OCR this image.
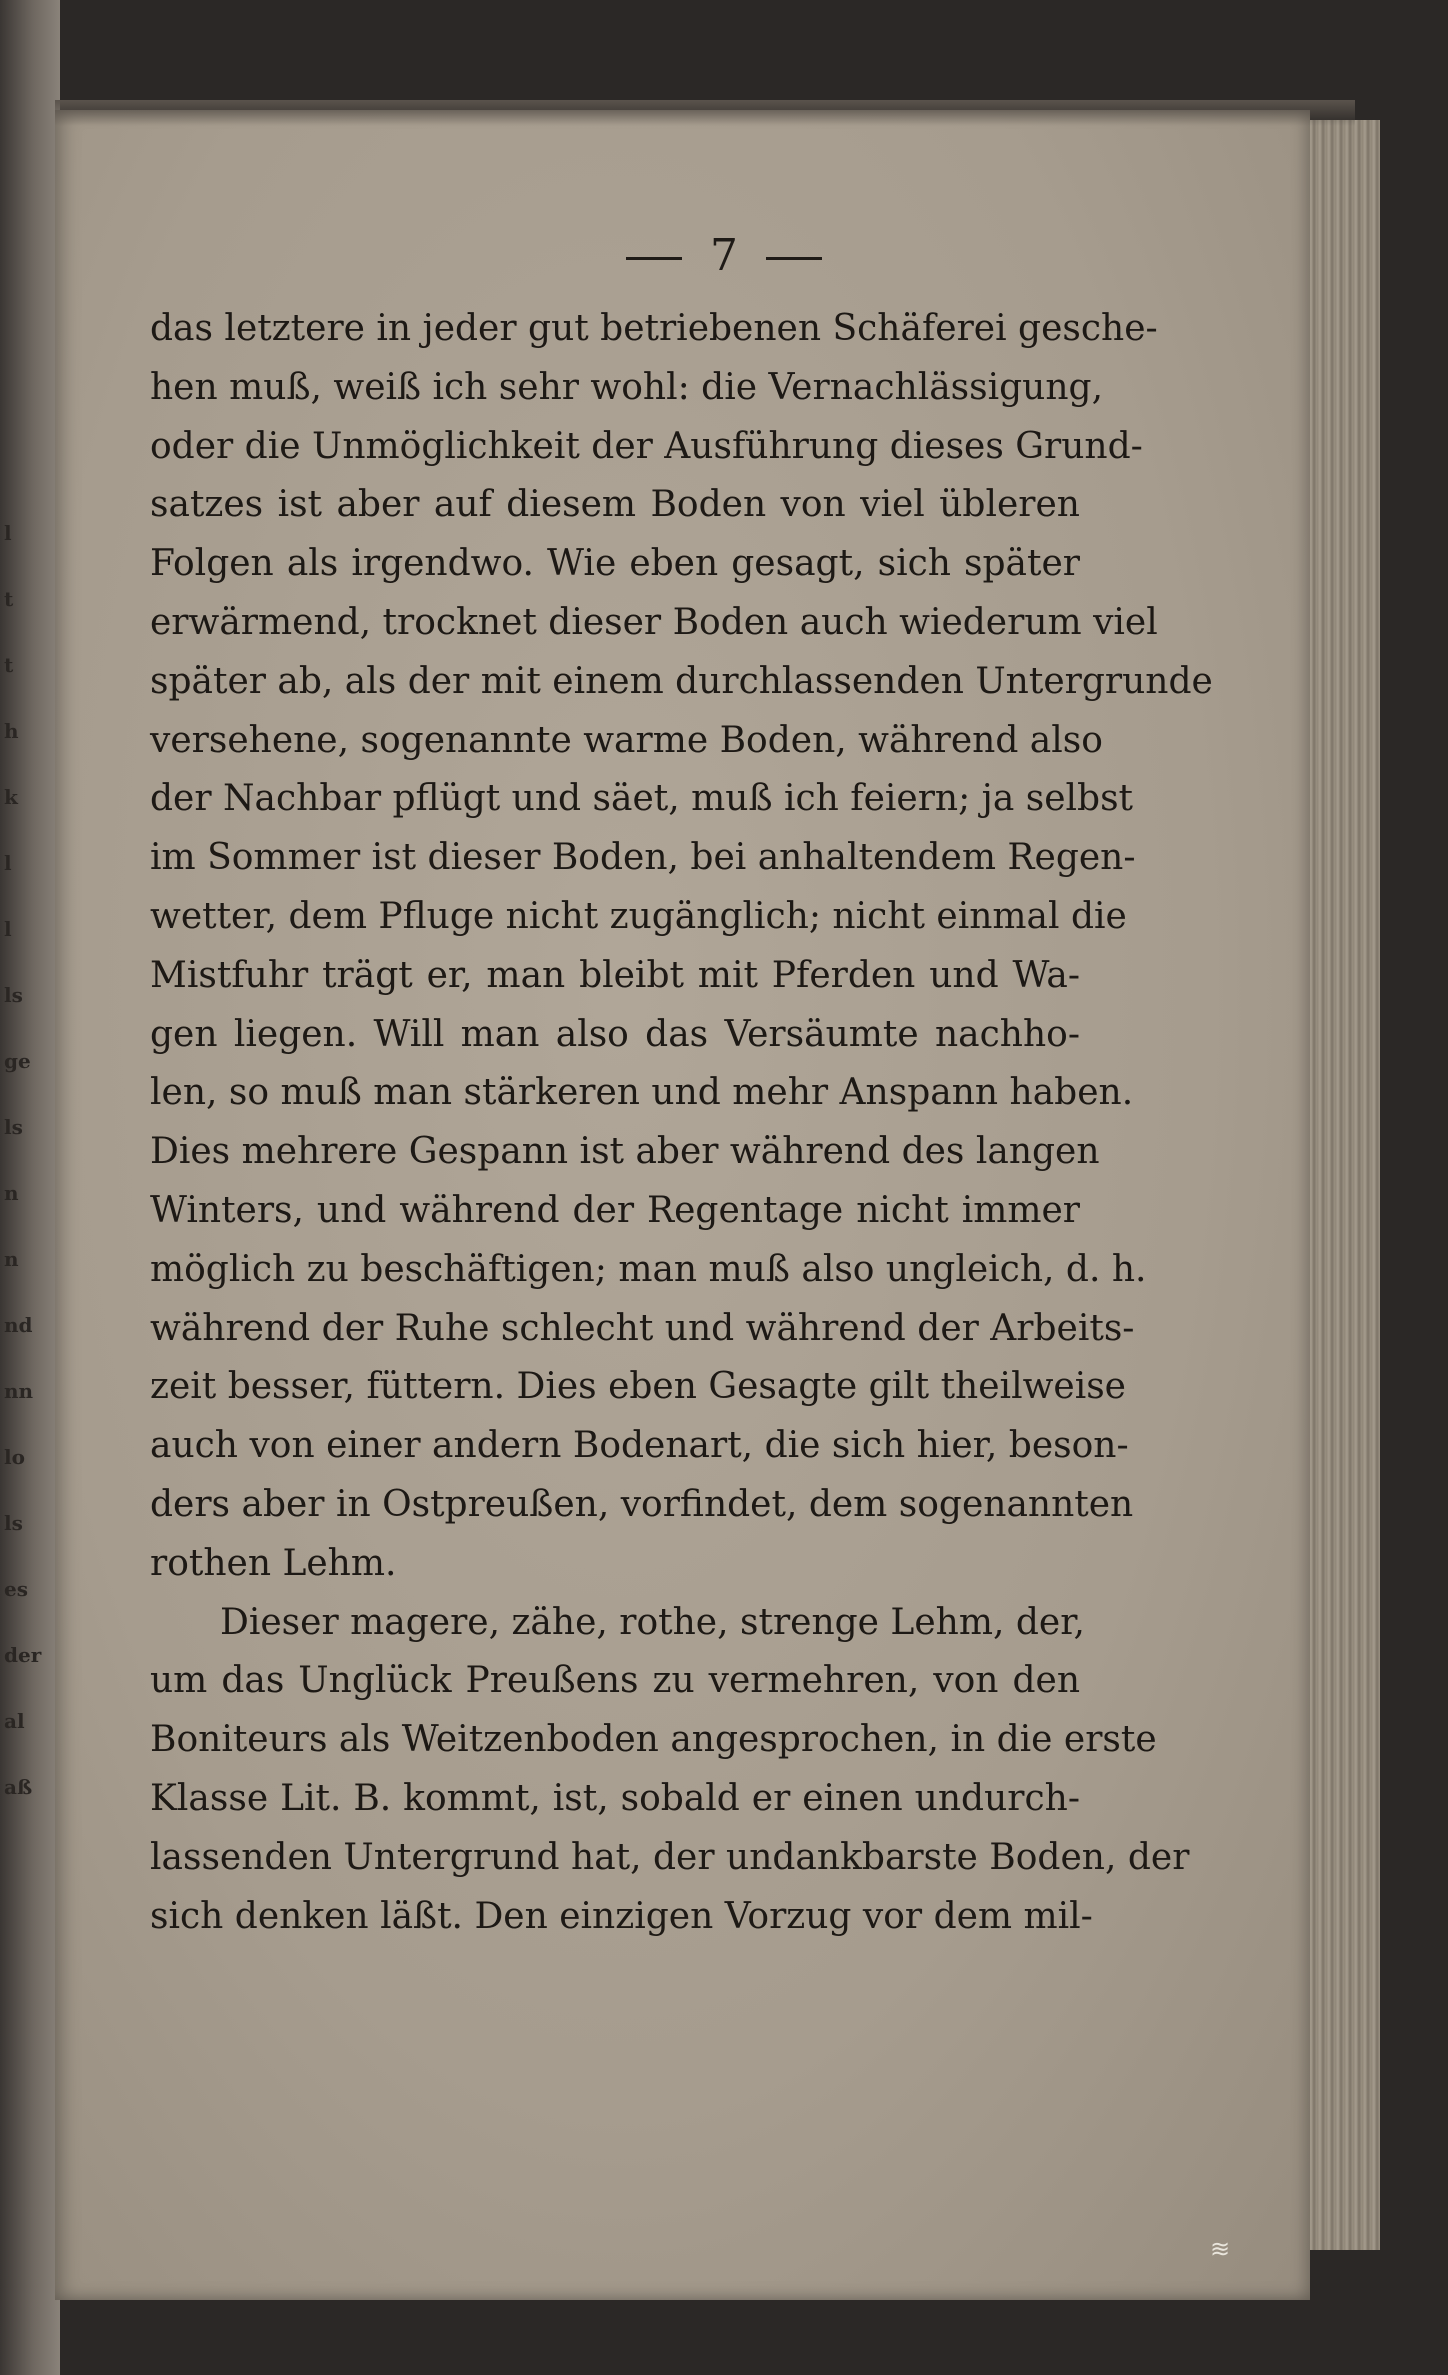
l
t
t
h
k
l
l
ls
ge
ls
n
n
nd
nn
lo
ls
es
der
al
aß
7
das letztere in jeder gut betriebenen Schäferei gesche-
hen muß, weiß ich sehr wohl: die Vernachlässigung,
oder die Unmöglichkeit der Ausführung dieses Grund-
satzes ist aber auf diesem Boden von viel übleren
Folgen als irgendwo. Wie eben gesagt, sich später
erwärmend, trocknet dieser Boden auch wiederum viel
später ab, als der mit einem durchlassenden Untergrunde
versehene, sogenannte warme Boden, während also
der Nachbar pflügt und säet, muß ich feiern; ja selbst
im Sommer ist dieser Boden, bei anhaltendem Regen-
wetter, dem Pfluge nicht zugänglich; nicht einmal die
Mistfuhr trägt er, man bleibt mit Pferden und Wa-
gen liegen. Will man also das Versäumte nachho-
len, so muß man stärkeren und mehr Anspann haben.
Dies mehrere Gespann ist aber während des langen
Winters, und während der Regentage nicht immer
möglich zu beschäftigen; man muß also ungleich, d. h.
während der Ruhe schlecht und während der Arbeits-
zeit besser, füttern. Dies eben Gesagte gilt theilweise
auch von einer andern Bodenart, die sich hier, beson-
ders aber in Ostpreußen, vorfindet, dem sogenannten
rothen Lehm.
Dieser magere, zähe, rothe, strenge Lehm, der,
um das Unglück Preußens zu vermehren, von den
Boniteurs als Weitzenboden angesprochen, in die erste
Klasse Lit. B. kommt, ist, sobald er einen undurch-
lassenden Untergrund hat, der undankbarste Boden, der
sich denken läßt. Den einzigen Vorzug vor dem mil-
≋
